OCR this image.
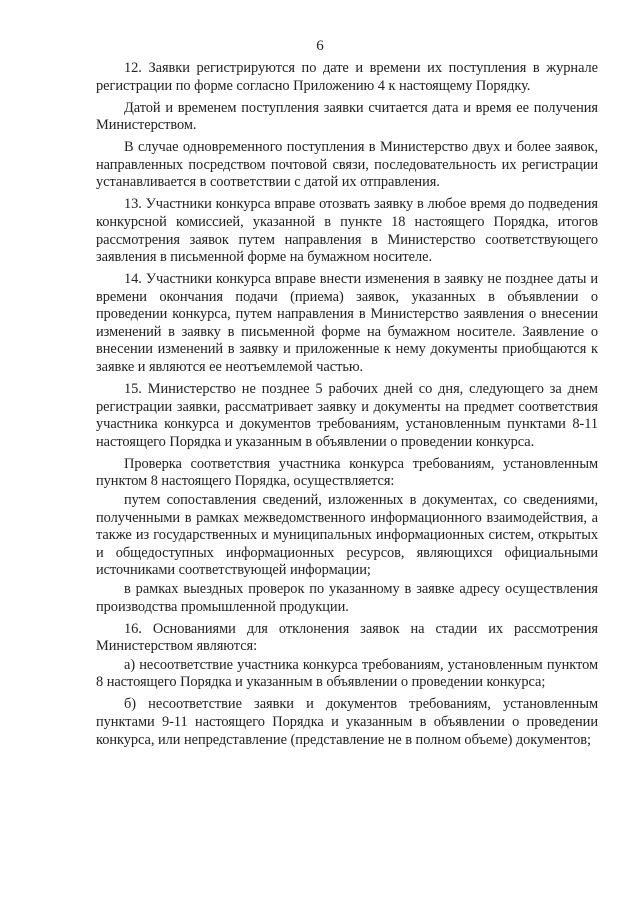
6

12. Заявки регистрируются по дате и времени их поступления в журнале регистрации по форме согласно Приложению 4 к настоящему Порядку.

Датой и временем поступления заявки считается дата и время ее получения Министерством.

В случае одновременного поступления в Министерство двух и более заявок, направленных посредством почтовой связи, последовательность их регистрации устанавливается в соответствии с датой их отправления.

13. Участники конкурса вправе отозвать заявку в любое время до подведения конкурсной комиссией, указанной в пункте 18 настоящего Порядка, итогов рассмотрения заявок путем направления в Министерство соответствующего заявления в письменной форме на бумажном носителе.

14. Участники конкурса вправе внести изменения в заявку не позднее даты и времени окончания подачи (приема) заявок, указанных в объявлении о проведении конкурса, путем направления в Министерство заявления о внесении изменений в заявку в письменной форме на бумажном носителе. Заявление о внесении изменений в заявку и приложенные к нему документы приобщаются к заявке и являются ее неотъемлемой частью.

15. Министерство не позднее 5 рабочих дней со дня, следующего за днем регистрации заявки, рассматривает заявку и документы на предмет соответствия участника конкурса и документов требованиям, установленным пунктами 8-11 настоящего Порядка и указанным в объявлении о проведении конкурса.

Проверка соответствия участника конкурса требованиям, установленным пунктом 8 настоящего Порядка, осуществляется:

путем сопоставления сведений, изложенных в документах, со сведениями, полученными в рамках межведомственного информационного взаимодействия, а также из государственных и муниципальных информационных систем, открытых и общедоступных информационных ресурсов, являющихся официальными источниками соответствующей информации;

в рамках выездных проверок по указанному в заявке адресу осуществления производства промышленной продукции.

16. Основаниями для отклонения заявок на стадии их рассмотрения Министерством являются:

а) несоответствие участника конкурса требованиям, установленным пунктом 8 настоящего Порядка и указанным в объявлении о проведении конкурса;

б) несоответствие заявки и документов требованиям, установленным пунктами 9-11 настоящего Порядка и указанным в объявлении о проведении конкурса, или непредставление (представление не в полном объеме) документов;
